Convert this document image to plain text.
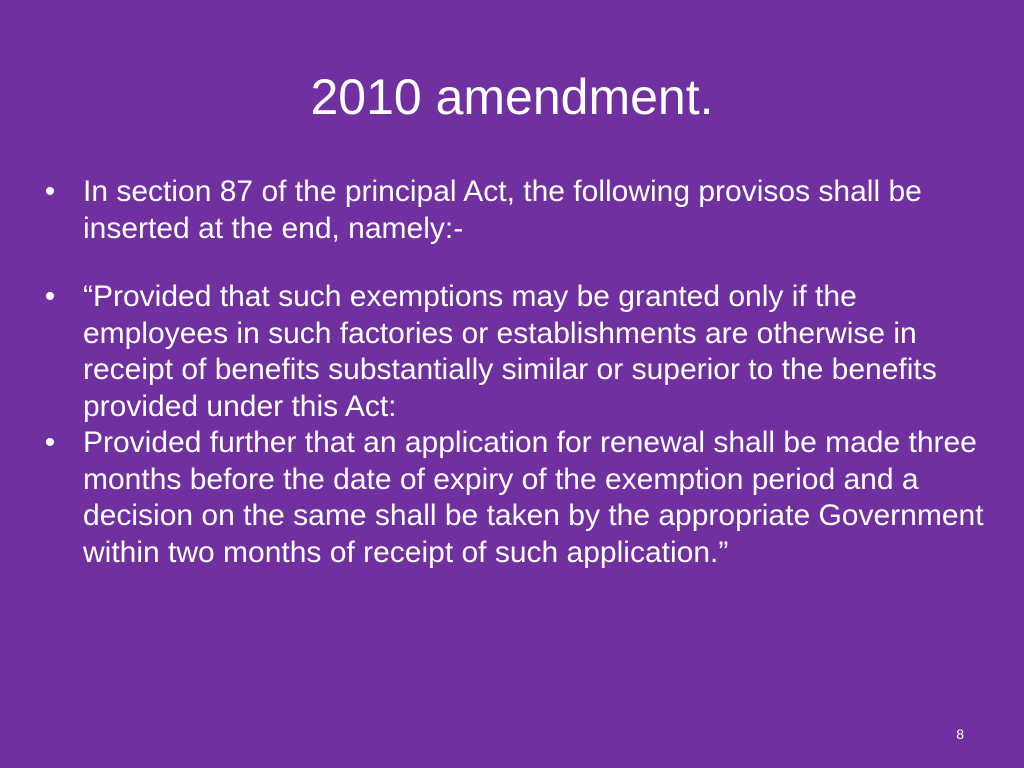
2010 amendment.
• In section 87 of the principal Act, the following provisos shall be inserted at the end, namely:-
• “Provided that such exemptions may be granted only if the employees in such factories or establishments are otherwise in receipt of benefits substantially similar or superior to the benefits provided under this Act:
• Provided further that an application for renewal shall be made three months before the date of expiry of the exemption period and a decision on the same shall be taken by the appropriate Government within two months of receipt of such application.”
8
